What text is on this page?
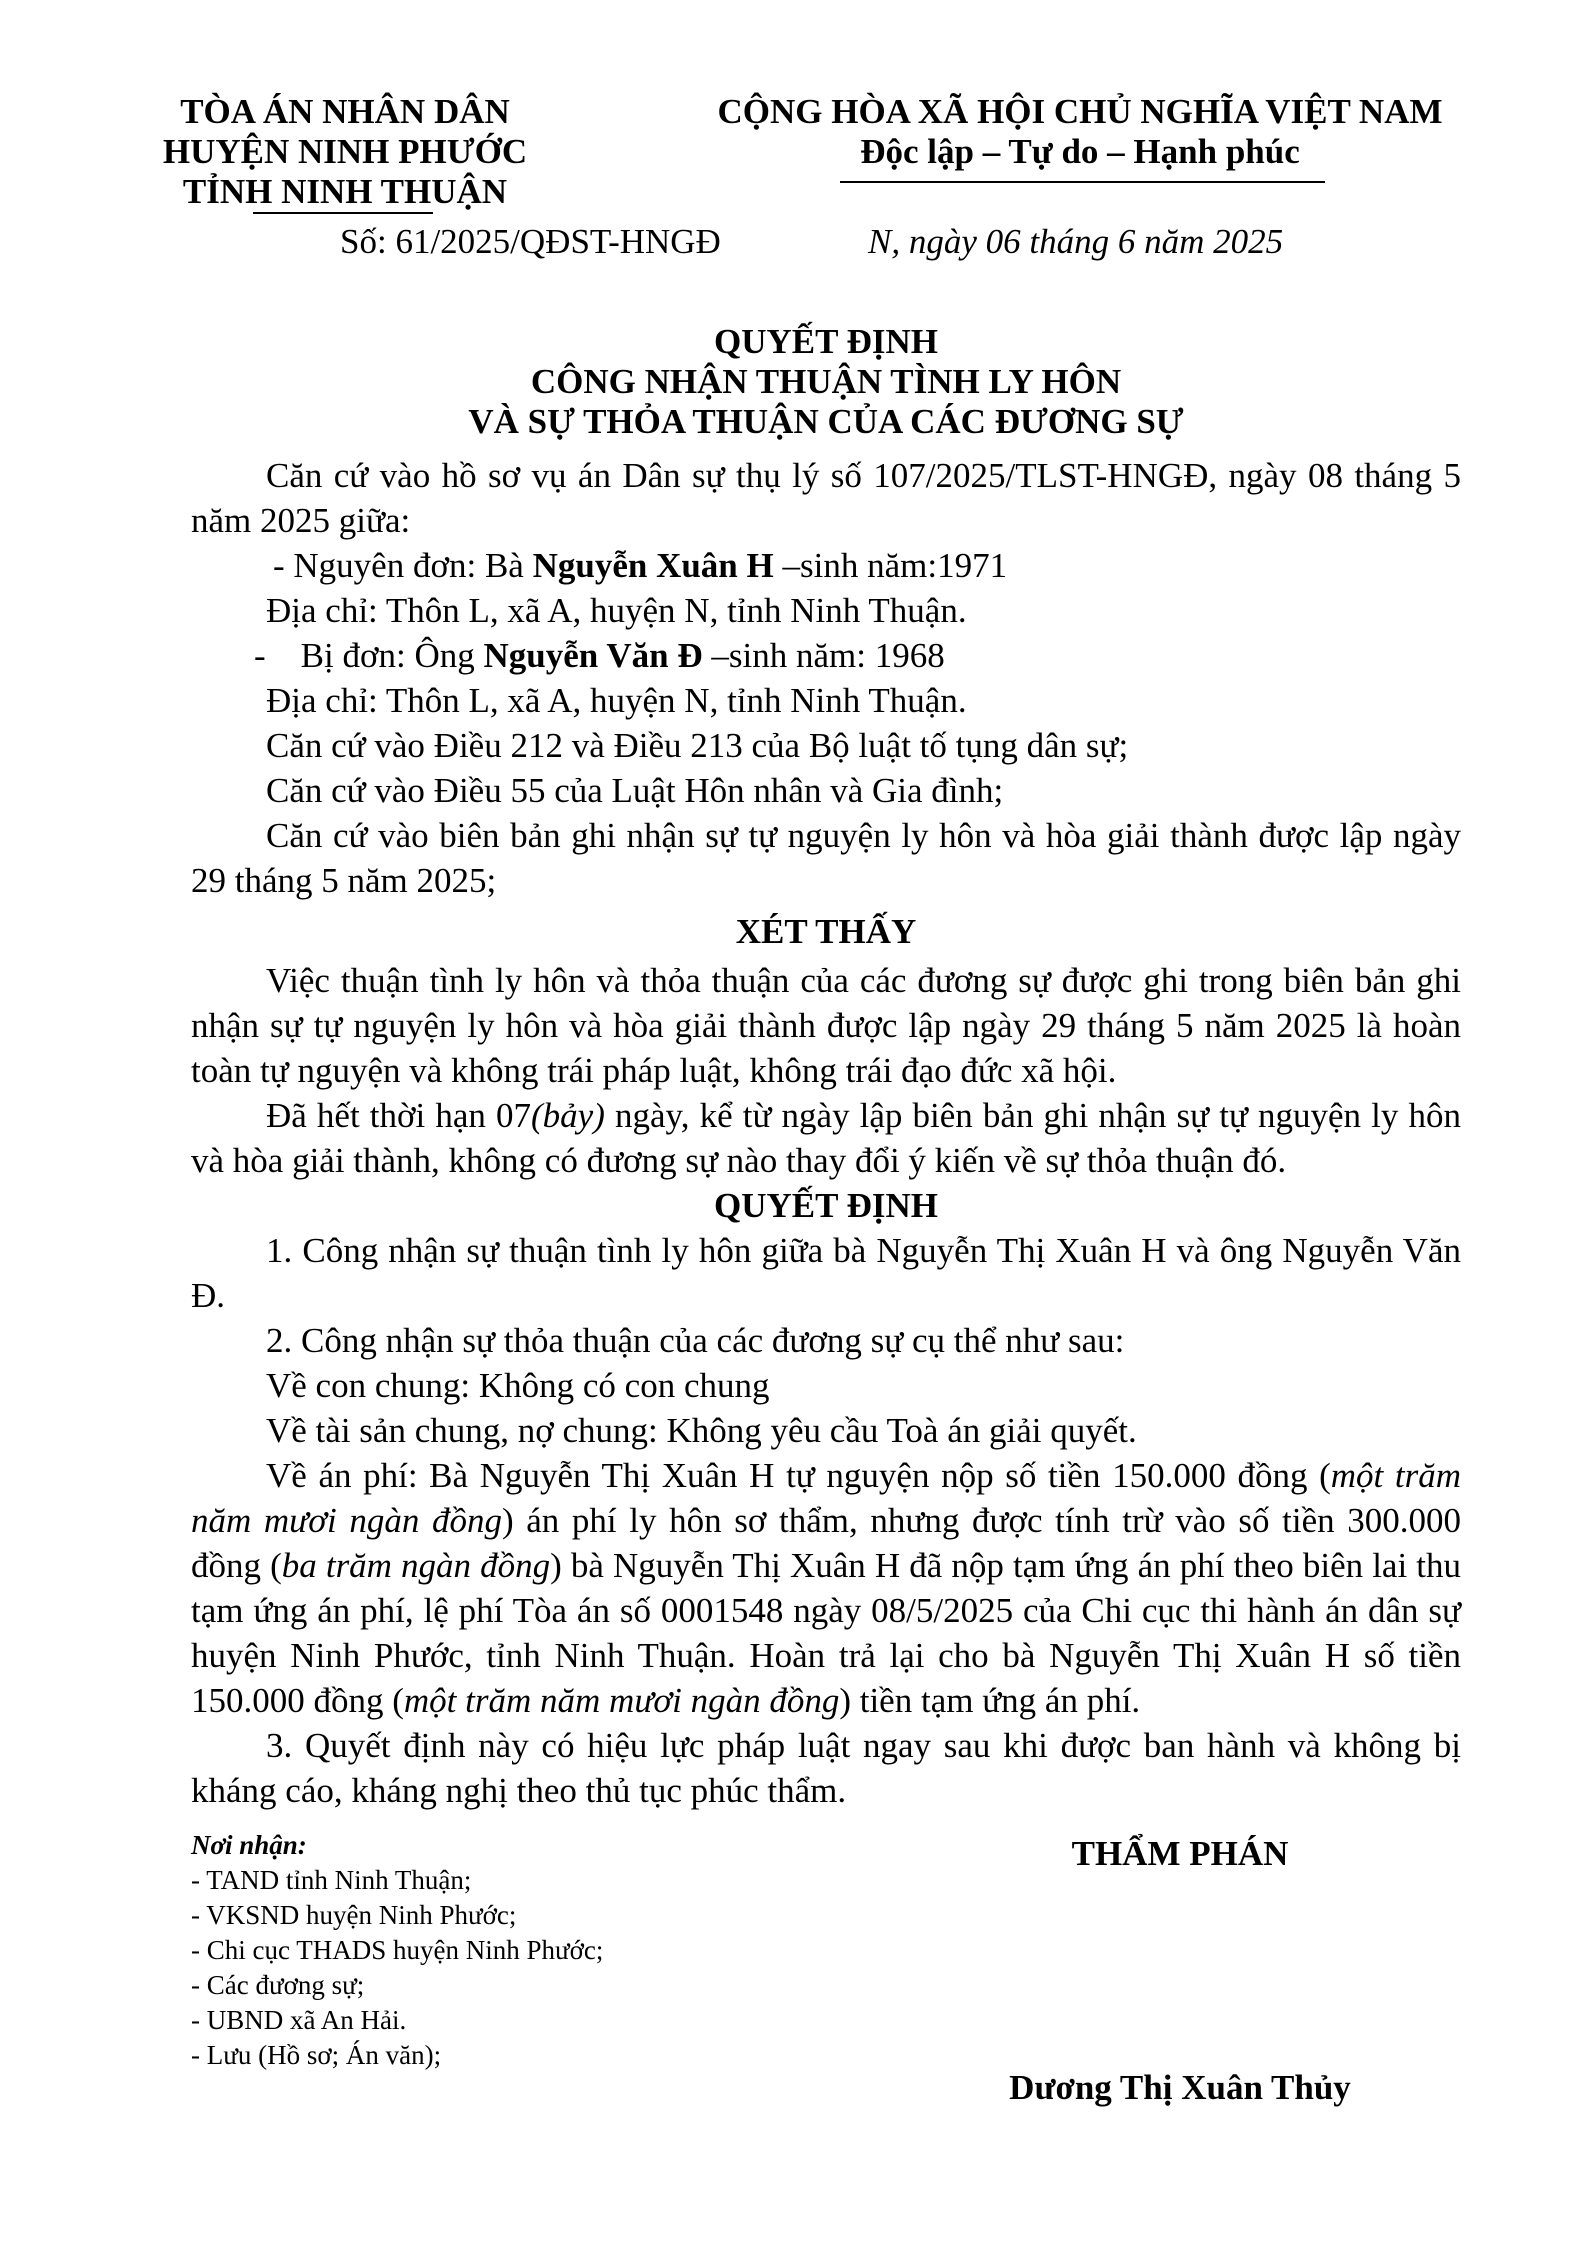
TÒA ÁN NHÂN DÂN
HUYỆN NINH PHƯỚC
TỈNH NINH THUẬN
CỘNG HÒA XÃ HỘI CHỦ NGHĨA VIỆT NAM
Độc lập – Tự do – Hạnh phúc
Số: 61/2025/QĐST-HNGĐ	N, ngày 06 tháng 6 năm 2025
QUYẾT ĐỊNH
CÔNG NHẬN THUẬN TÌNH LY HÔN
VÀ SỰ THỎA THUẬN CỦA CÁC ĐƯƠNG SỰ

Căn cứ vào hồ sơ vụ án Dân sự thụ lý số 107/2025/TLST-HNGĐ, ngày 08 tháng 5 năm 2025 giữa:

- Nguyên đơn: Bà Nguyễn Xuân H –sinh năm:1971

Địa chỉ: Thôn L, xã A, huyện N, tỉnh Ninh Thuận.

-    Bị đơn: Ông Nguyễn Văn Đ –sinh năm: 1968

Địa chỉ: Thôn L, xã A, huyện N, tỉnh Ninh Thuận.

Căn cứ vào Điều 212 và Điều 213 của Bộ luật tố tụng dân sự;

Căn cứ vào Điều 55 của Luật Hôn nhân và Gia đình;

Căn cứ vào biên bản ghi nhận sự tự nguyện ly hôn và hòa giải thành được lập ngày 29 tháng 5 năm 2025;

XÉT THẤY

Việc thuận tình ly hôn và thỏa thuận của các đương sự được ghi trong biên bản ghi nhận sự tự nguyện ly hôn và hòa giải thành được lập ngày 29 tháng 5 năm 2025 là hoàn toàn tự nguyện và không trái pháp luật, không trái đạo đức xã hội.

Đã hết thời hạn 07(bảy) ngày, kể từ ngày lập biên bản ghi nhận sự tự nguyện ly hôn và hòa giải thành, không có đương sự nào thay đổi ý kiến về sự thỏa thuận đó.

QUYẾT ĐỊNH

1. Công nhận sự thuận tình ly hôn giữa bà Nguyễn Thị Xuân H và ông Nguyễn Văn Đ.

2. Công nhận sự thỏa thuận của các đương sự cụ thể như sau:

Về con chung: Không có con chung

Về tài sản chung, nợ chung: Không yêu cầu Toà án giải quyết.

Về án phí: Bà Nguyễn Thị Xuân H tự nguyện nộp số tiền 150.000 đồng (một trăm năm mươi ngàn đồng) án phí ly hôn sơ thẩm, nhưng được tính trừ vào số tiền 300.000 đồng (ba trăm ngàn đồng) bà Nguyễn Thị Xuân H đã nộp tạm ứng án phí theo biên lai thu tạm ứng án phí, lệ phí Tòa án số 0001548 ngày 08/5/2025 của Chi cục thi hành án dân sự huyện Ninh Phước, tỉnh Ninh Thuận. Hoàn trả lại cho bà Nguyễn Thị Xuân H số tiền 150.000 đồng (một trăm năm mươi ngàn đồng) tiền tạm ứng án phí.

3. Quyết định này có hiệu lực pháp luật ngay sau khi được ban hành và không bị kháng cáo, kháng nghị theo thủ tục phúc thẩm.

Nơi nhận:
- TAND tỉnh Ninh Thuận;
- VKSND huyện Ninh Phước;
- Chi cục THADS huyện Ninh Phước;
- Các đương sự;
- UBND xã An Hải.
- Lưu (Hồ sơ; Án văn);
THẨM PHÁN
Dương Thị Xuân Thủy
